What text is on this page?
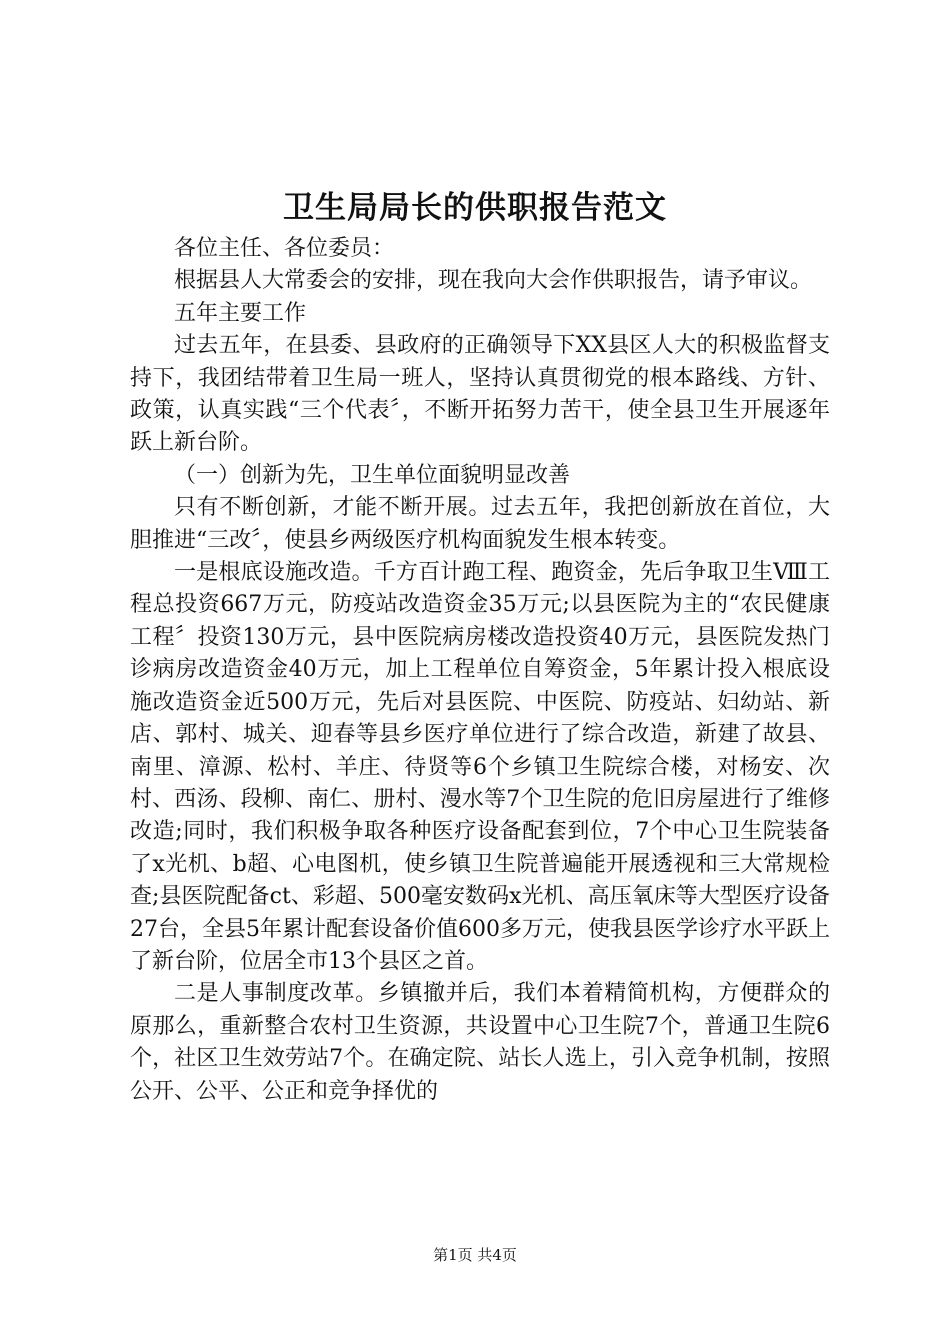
卫生局局长的供职报告范文

各位主任、各位委员：

根据县人大常委会的安排，现在我向大会作供职报告，请予审议。

五年主要工作

过去五年，在县委、县政府的正确领导下XX县区人大的积极监督支持下，我团结带着卫生局一班人，坚持认真贯彻党的根本路线、方针、政策，认真实践“三个代表〞，不断开拓努力苦干，使全县卫生开展逐年跃上新台阶。

（一）创新为先，卫生单位面貌明显改善

只有不断创新，才能不断开展。过去五年，我把创新放在首位，大胆推进“三改〞，使县乡两级医疗机构面貌发生根本转变。

一是根底设施改造。千方百计跑工程、跑资金，先后争取卫生Ⅷ工程总投资667万元，防疫站改造资金35万元;以县医院为主的“农民健康工程〞投资130万元，县中医院病房楼改造投资40万元，县医院发热门诊病房改造资金40万元，加上工程单位自筹资金，5年累计投入根底设施改造资金近500万元，先后对县医院、中医院、防疫站、妇幼站、新店、郭村、城关、迎春等县乡医疗单位进行了综合改造，新建了故县、南里、漳源、松村、羊庄、待贤等6个乡镇卫生院综合楼，对杨安、次村、西汤、段柳、南仁、册村、漫水等7个卫生院的危旧房屋进行了维修改造;同时，我们积极争取各种医疗设备配套到位，7个中心卫生院装备了x光机、b超、心电图机，使乡镇卫生院普遍能开展透视和三大常规检查;县医院配备ct、彩超、500毫安数码x光机、高压氧床等大型医疗设备27台，全县5年累计配套设备价值600多万元，使我县医学诊疗水平跃上了新台阶，位居全市13个县区之首。

二是人事制度改革。乡镇撤并后，我们本着精简机构，方便群众的原那么，重新整合农村卫生资源，共设置中心卫生院7个，普通卫生院6个，社区卫生效劳站7个。在确定院、站长人选上，引入竞争机制，按照公开、公平、公正和竞争择优的

第1页 共4页
